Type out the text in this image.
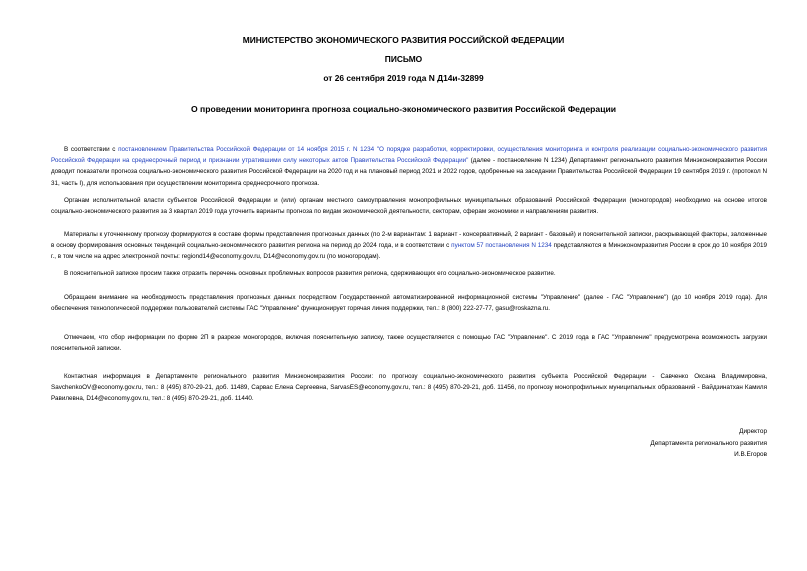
МИНИСТЕРСТВО ЭКОНОМИЧЕСКОГО РАЗВИТИЯ РОССИЙСКОЙ ФЕДЕРАЦИИ
ПИСЬМО
от 26 сентября 2019 года N Д14и-32899
О проведении мониторинга прогноза социально-экономического развития Российской Федерации

В соответствии с постановлением Правительства Российской Федерации от 14 ноября 2015 г. N 1234 "О порядке разработки, корректировки, осуществления мониторинга и контроля реализации социально-экономического развития Российской Федерации на среднесрочный период и признании утратившими силу некоторых актов Правительства Российской Федерации" (далее - постановление N 1234) Департамент регионального развития Минэкономразвития России доводит показатели прогноза социально-экономического развития Российской Федерации на 2020 год и на плановый период 2021 и 2022 годов, одобренные на заседании Правительства Российской Федерации 19 сентября 2019 г. (протокол N 31, часть I), для использования при осуществлении мониторинга среднесрочного прогноза.

Органам исполнительной власти субъектов Российской Федерации и (или) органам местного самоуправления монопрофильных муниципальных образований Российской Федерации (моногородов) необходимо на основе итогов социально-экономического развития за 3 квартал 2019 года уточнить варианты прогноза по видам экономической деятельности, секторам, сферам экономики и направлениям развития.

Материалы к уточненному прогнозу формируются в составе формы представления прогнозных данных (по 2-м вариантам: 1 вариант - консервативный, 2 вариант - базовый) и пояснительной записки, раскрывающей факторы, заложенные в основу формирования основных тенденций социально-экономического развития региона на период до 2024 года, и в соответствии с пунктом 57 постановления N 1234 представляются в Минэкономразвития России в срок до 10 ноября 2019 г., в том числе на адрес электронной почты: regiond14@economy.gov.ru, D14@economy.gov.ru (по моногородам).

В пояснительной записке просим также отразить перечень основных проблемных вопросов развития региона, сдерживающих его социально-экономическое развитие.

Обращаем внимание на необходимость представления прогнозных данных посредством Государственной автоматизированной информационной системы "Управление" (далее - ГАС "Управление") (до 10 ноября 2019 года). Для обеспечения технологической поддержки пользователей системы ГАС "Управление" функционирует горячая линия поддержки, тел.: 8 (800) 222-27-77, gasu@roskazna.ru.

Отмечаем, что сбор информации по форме 2П в разрезе моногородов, включая пояснительную записку, также осуществляется с помощью ГАС "Управление". С 2019 года в ГАС "Управление" предусмотрена возможность загрузки пояснительной записки.

Контактная информация в Департаменте регионального развития Минэкономразвития России: по прогнозу социально-экономического развития субъекта Российской Федерации - Савченко Оксана Владимировна, SavchenkoOV@economy.gov.ru, тел.: 8 (495) 870-29-21, доб. 11489, Сарвас Елена Сергеевна, SarvasES@economy.gov.ru, тел.: 8 (495) 870-29-21, доб. 11456, по прогнозу монопрофильных муниципальных образований - Вайдзинатхан Камиля Равилевна, D14@economy.gov.ru, тел.: 8 (495) 870-29-21, доб. 11440.

Директор
Департамента регионального развития
И.В.Егоров
